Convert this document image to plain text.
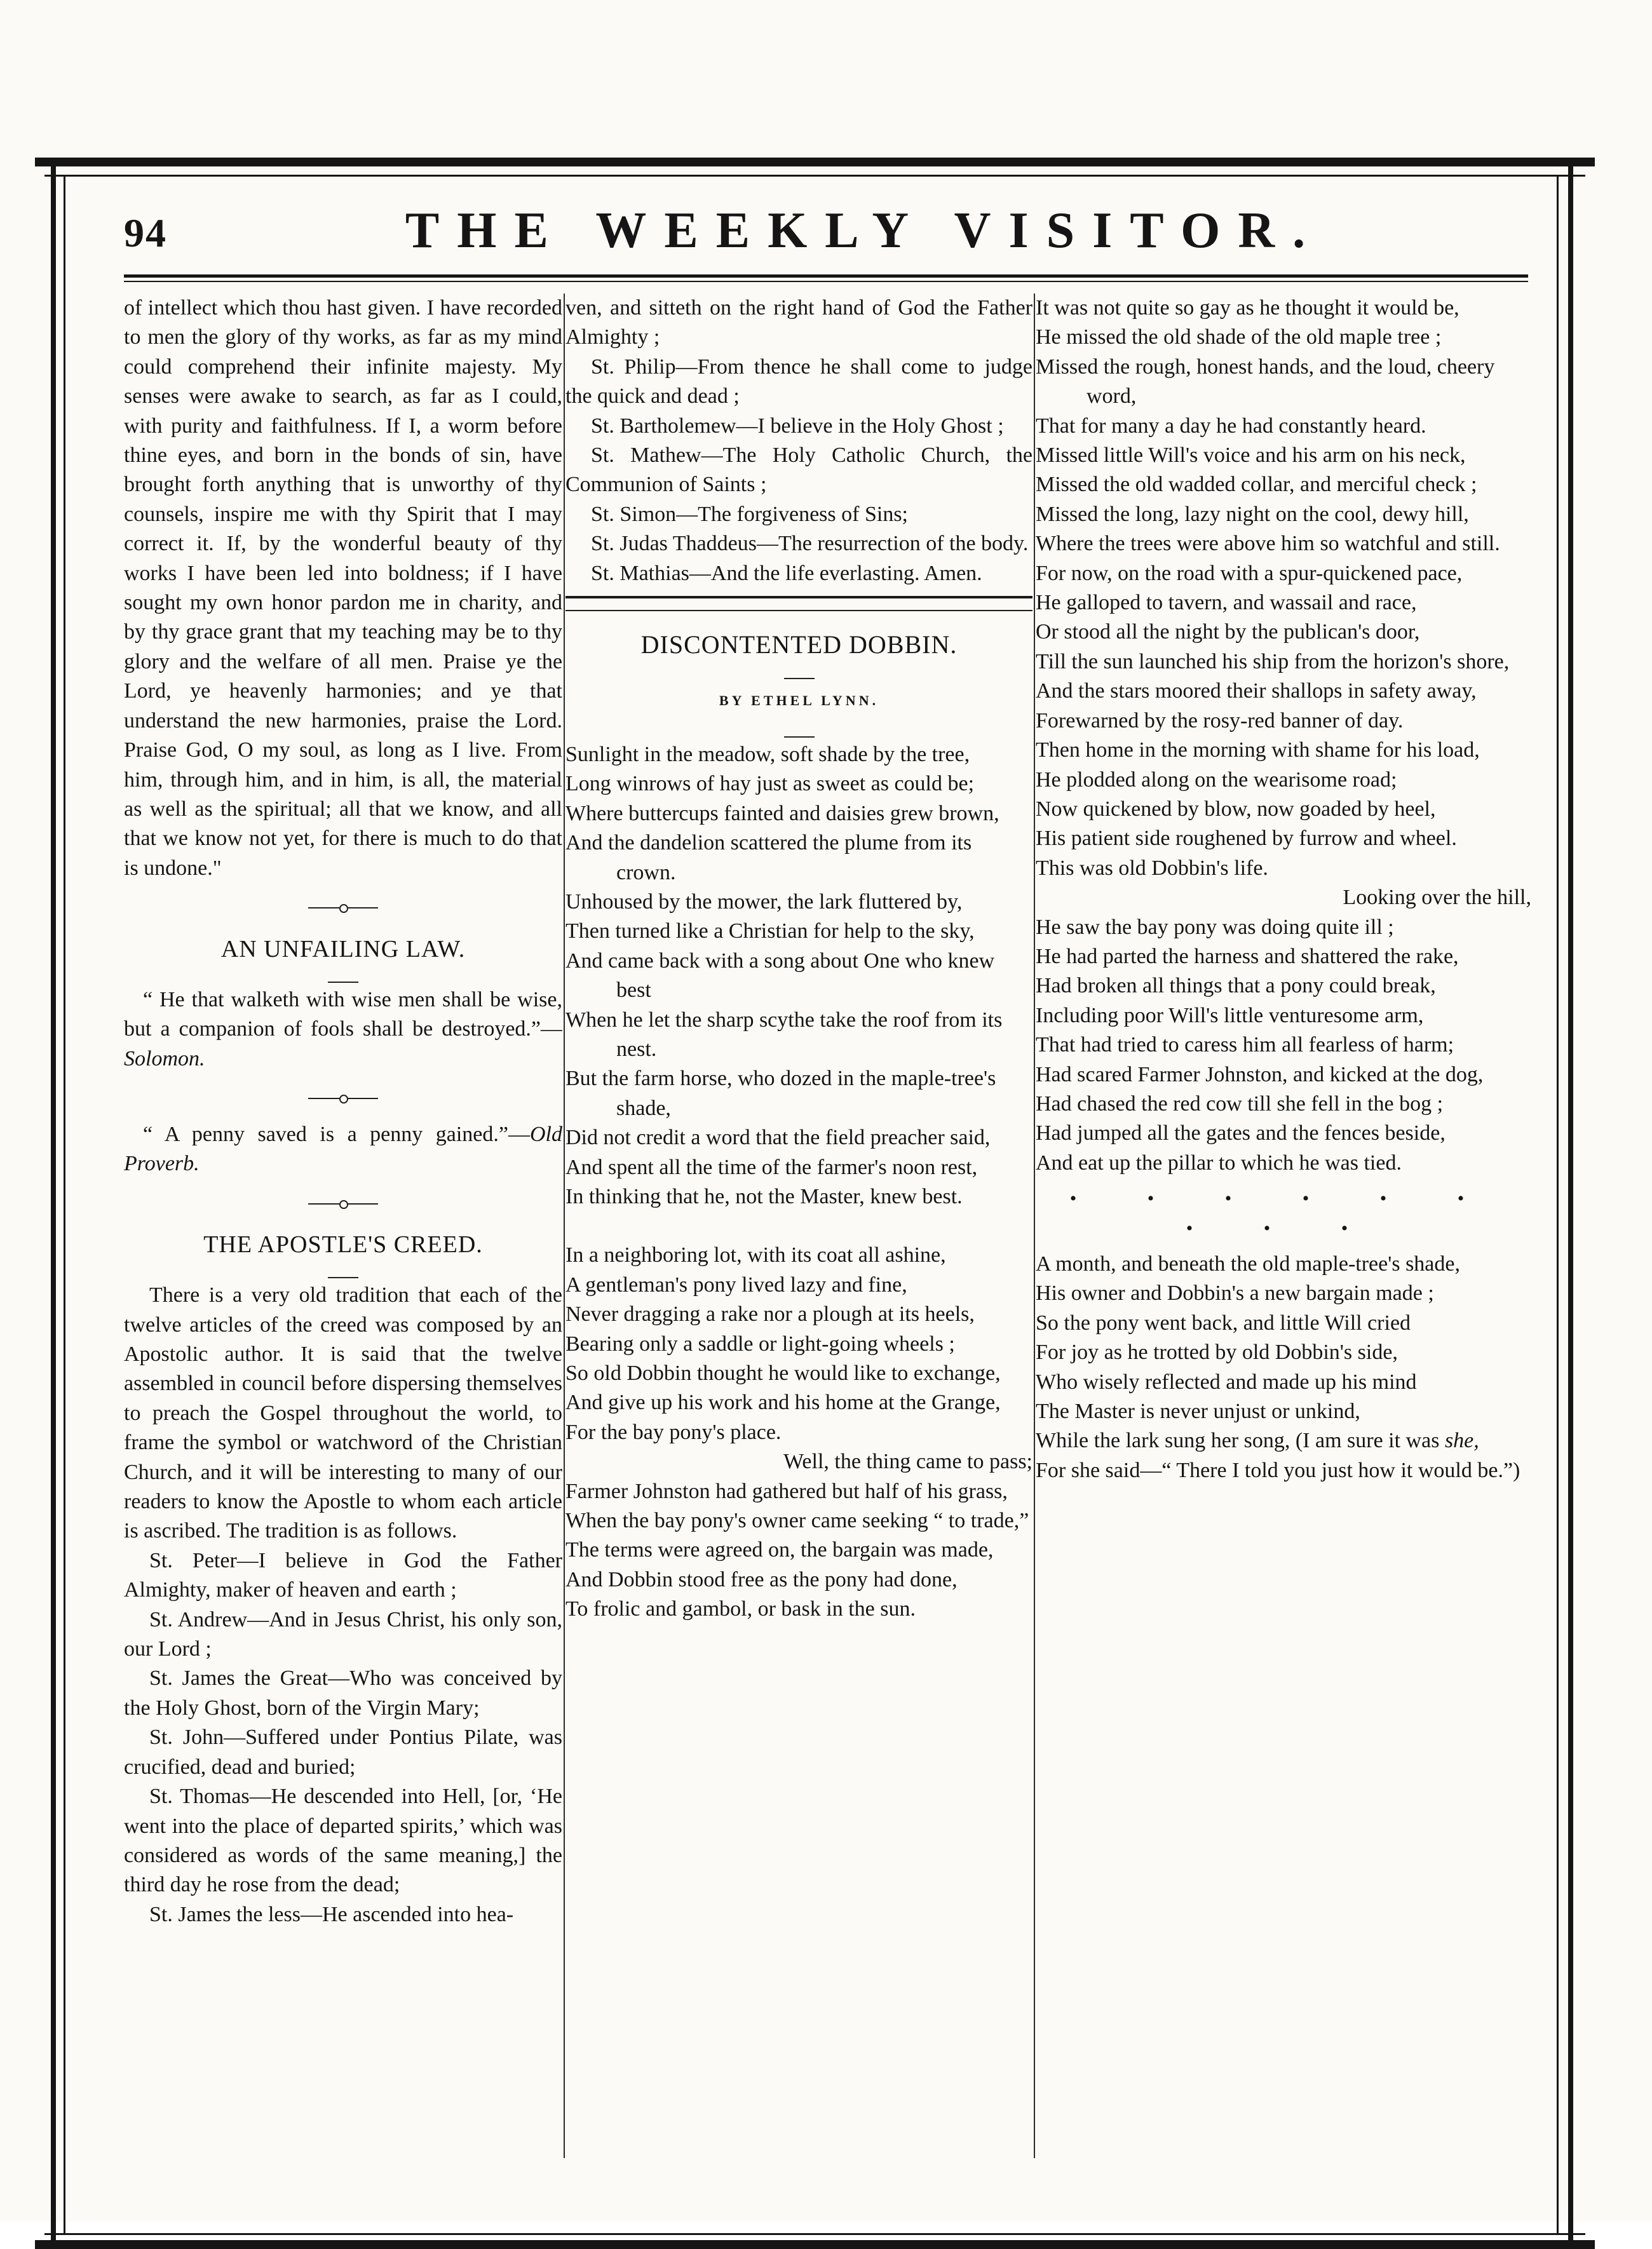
94	THE WEEKLY VISITOR.

of intellect which thou hast given. I have recorded to men the glory of thy works, as far as my mind could comprehend their infinite majesty. My senses were awake to search, as far as I could, with purity and faithfulness. If I, a worm before thine eyes, and born in the bonds of sin, have brought forth anything that is unworthy of thy counsels, inspire me with thy Spirit that I may correct it. If, by the wonderful beauty of thy works I have been led into boldness; if I have sought my own honor pardon me in charity, and by thy grace grant that my teaching may be to thy glory and the welfare of all men. Praise ye the Lord, ye heavenly harmonies; and ye that understand the new harmonies, praise the Lord. Praise God, O my soul, as long as I live. From him, through him, and in him, is all, the material as well as the spiritual; all that we know, and all that we know not yet, for there is much to do that is undone."

AN UNFAILING LAW.

“ He that walketh with wise men shall be wise, but a companion of fools shall be destroyed.”—Solomon.

“ A penny saved is a penny gained.”—Old Proverb.

THE APOSTLE'S CREED.

There is a very old tradition that each of the twelve articles of the creed was composed by an Apostolic author. It is said that the twelve assembled in council before dispersing themselves to preach the Gospel throughout the world, to frame the symbol or watchword of the Christian Church, and it will be interesting to many of our readers to know the Apostle to whom each article is ascribed. The tradition is as follows.

St. Peter—I believe in God the Father Almighty, maker of heaven and earth ;

St. Andrew—And in Jesus Christ, his only son, our Lord ;

St. James the Great—Who was conceived by the Holy Ghost, born of the Virgin Mary;

St. John—Suffered under Pontius Pilate, was crucified, dead and buried;

St. Thomas—He descended into Hell, [or, ‘He went into the place of departed spirits,’ which was considered as words of the same meaning,] the third day he rose from the dead;

St. James the less—He ascended into hea-

ven, and sitteth on the right hand of God the Father Almighty ;

St. Philip—From thence he shall come to judge the quick and dead ;

St. Bartholemew—I believe in the Holy Ghost ;

St. Mathew—The Holy Catholic Church, the Communion of Saints ;

St. Simon—The forgiveness of Sins;

St. Judas Thaddeus—The resurrection of the body.

St. Mathias—And the life everlasting. Amen.

DISCONTENTED DOBBIN.

BY ETHEL LYNN.

Sunlight in the meadow, soft shade by the tree,

Long winrows of hay just as sweet as could be;

Where buttercups fainted and daisies grew brown,

And the dandelion scattered the plume from its crown.

Unhoused by the mower, the lark fluttered by,

Then turned like a Christian for help to the sky,

And came back with a song about One who knew best

When he let the sharp scythe take the roof from its nest.

But the farm horse, who dozed in the maple-tree's shade,

Did not credit a word that the field preacher said,

And spent all the time of the farmer's noon rest,

In thinking that he, not the Master, knew best.

In a neighboring lot, with its coat all ashine,

A gentleman's pony lived lazy and fine,

Never dragging a rake nor a plough at its heels,

Bearing only a saddle or light-going wheels ;

So old Dobbin thought he would like to exchange,

And give up his work and his home at the Grange,

For the bay pony's place.

Well, the thing came to pass;

Farmer Johnston had gathered but half of his grass,

When the bay pony's owner came seeking “ to trade,”

The terms were agreed on, the bargain was made,

And Dobbin stood free as the pony had done,

To frolic and gambol, or bask in the sun.

It was not quite so gay as he thought it would be,

He missed the old shade of the old maple tree ;

Missed the rough, honest hands, and the loud, cheery word,

That for many a day he had constantly heard.

Missed little Will's voice and his arm on his neck,

Missed the old wadded collar, and merciful check ;

Missed the long, lazy night on the cool, dewy hill,

Where the trees were above him so watchful and still.

For now, on the road with a spur-quickened pace,

He galloped to tavern, and wassail and race,

Or stood all the night by the publican's door,

Till the sun launched his ship from the horizon's shore,

And the stars moored their shallops in safety away,

Forewarned by the rosy-red banner of day.

Then home in the morning with shame for his load,

He plodded along on the wearisome road;

Now quickened by blow, now goaded by heel,

His patient side roughened by furrow and wheel.

This was old Dobbin's life.

Looking over the hill,

He saw the bay pony was doing quite ill ;

He had parted the harness and shattered the rake,

Had broken all things that a pony could break,

Including poor Will's little venturesome arm,

That had tried to caress him all fearless of harm;

Had scared Farmer Johnston, and kicked at the dog,

Had chased the red cow till she fell in the bog ;

Had jumped all the gates and the fences beside,

And eat up the pillar to which he was tied.

• • • • • • • • •

A month, and beneath the old maple-tree's shade,

His owner and Dobbin's a new bargain made ;

So the pony went back, and little Will cried

For joy as he trotted by old Dobbin's side,

Who wisely reflected and made up his mind

The Master is never unjust or unkind,

While the lark sung her song, (I am sure it was she,

For she said—“ There I told you just how it would be.”)
